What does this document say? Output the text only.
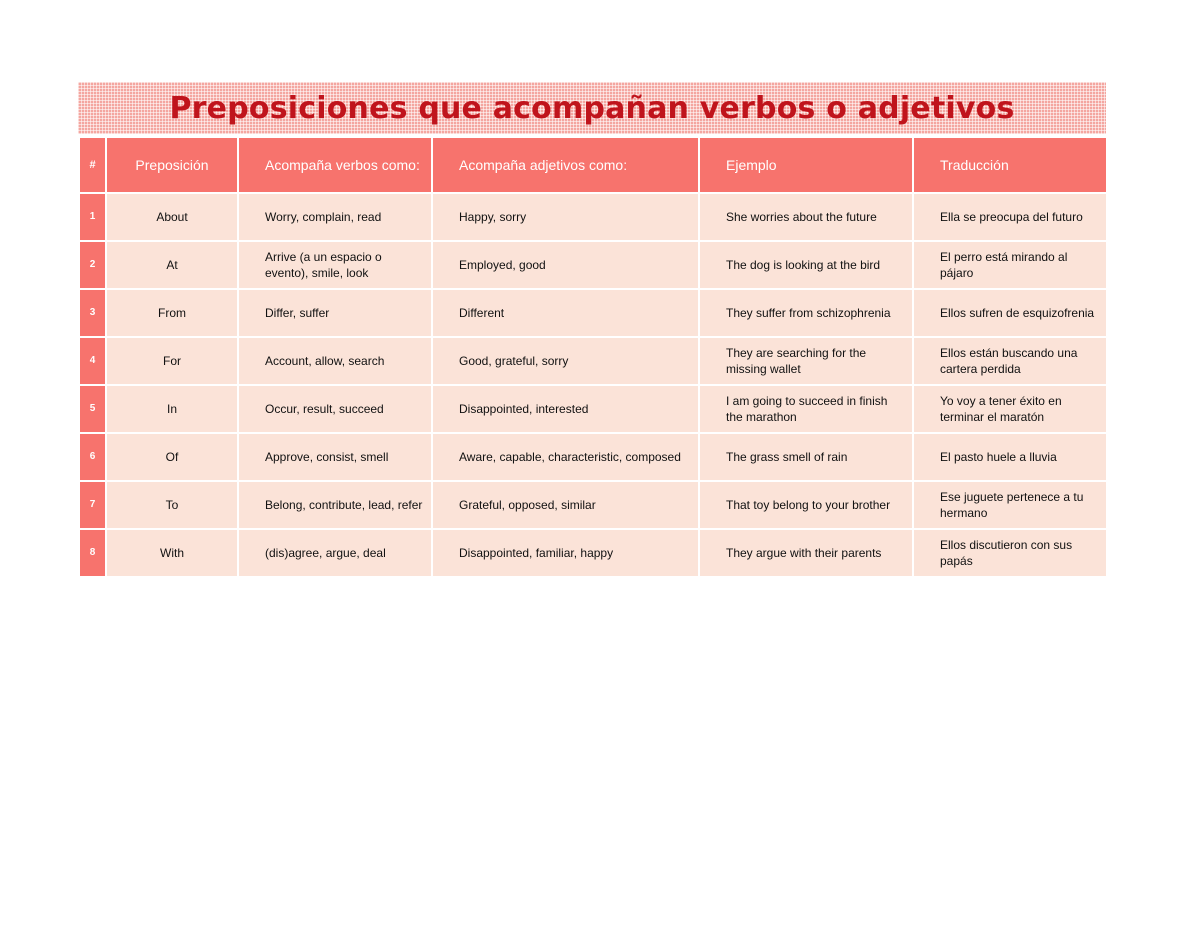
Preposiciones que acompañan verbos o adjetivos
#	Preposición	Acompaña verbos como:	Acompaña adjetivos como:	Ejemplo	Traducción
1	About	Worry, complain, read	Happy, sorry	She worries about the future	Ella se preocupa del futuro
2	At	Arrive (a un espacio o evento), smile, look	Employed, good	The dog is looking at the bird	El perro está mirando al pájaro
3	From	Differ, suffer	Different	They suffer from schizophrenia	Ellos sufren de esquizofrenia
4	For	Account, allow, search	Good, grateful, sorry	They are searching for the missing wallet	Ellos están buscando una cartera perdida
5	In	Occur, result, succeed	Disappointed, interested	I am going to succeed in finish the marathon	Yo voy a tener éxito en terminar el maratón
6	Of	Approve, consist, smell	Aware, capable, characteristic, composed	The grass smell of rain	El pasto huele a lluvia
7	To	Belong, contribute, lead, refer	Grateful, opposed, similar	That toy belong to your brother	Ese juguete pertenece a tu hermano
8	With	(dis)agree, argue, deal	Disappointed, familiar, happy	They argue with their parents	Ellos discutieron con sus papás
